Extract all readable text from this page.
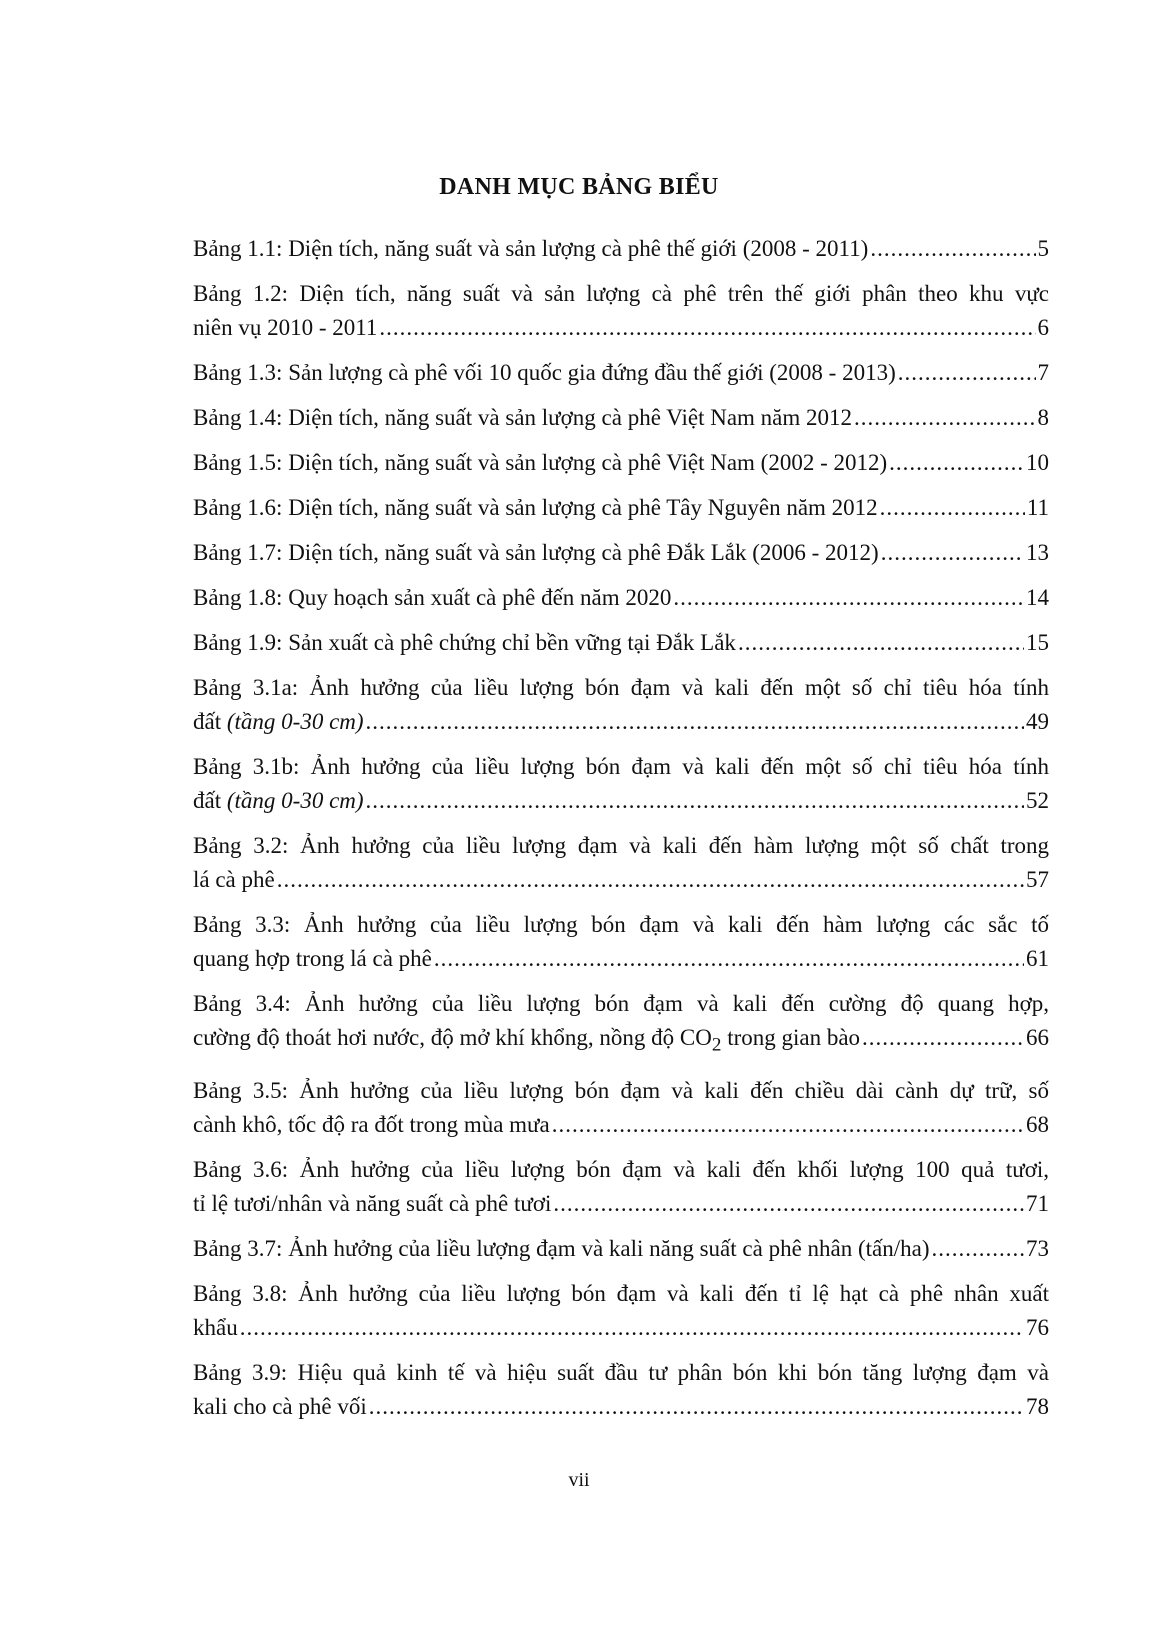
DANH MỤC BẢNG BIỂU
Bảng 1.1: Diện tích, năng suất và sản lượng cà phê thế giới (2008 - 2011) .....	5
Bảng 1.2: Diện tích, năng suất và sản lượng cà phê trên thế giới phân theo khu vực
niên vụ 2010 - 2011 .....	6
Bảng 1.3: Sản lượng cà phê vối 10 quốc gia đứng đầu thế giới (2008 - 2013) .....	7
Bảng 1.4: Diện tích, năng suất và sản lượng cà phê Việt Nam năm 2012 .....	8
Bảng 1.5: Diện tích, năng suất và sản lượng cà phê Việt Nam (2002 - 2012) .....	10
Bảng 1.6: Diện tích, năng suất và sản lượng cà phê Tây Nguyên năm 2012 .....	11
Bảng 1.7: Diện tích, năng suất và sản lượng cà phê Đắk Lắk (2006 - 2012) .....	13
Bảng 1.8: Quy hoạch sản xuất cà phê đến năm 2020 .....	14
Bảng 1.9: Sản xuất cà phê chứng chỉ bền vững tại Đắk Lắk .....	15
Bảng 3.1a: Ảnh hưởng của liều lượng bón đạm và kali đến một số chỉ tiêu hóa tính
đất (tầng 0-30 cm) .....	49
Bảng 3.1b: Ảnh hưởng của liều lượng bón đạm và kali đến một số chỉ tiêu hóa tính
đất (tầng 0-30 cm) .....	52
Bảng 3.2: Ảnh hưởng của liều lượng đạm và kali đến hàm lượng một số chất trong
lá cà phê .....	57
Bảng 3.3: Ảnh hưởng của liều lượng bón đạm và kali đến hàm lượng các sắc tố
quang hợp trong lá cà phê .....	61
Bảng 3.4: Ảnh hưởng của liều lượng bón đạm và kali đến cường độ quang hợp,
cường độ thoát hơi nước, độ mở khí khổng, nồng độ $CO_2$ trong gian bào .....	66
Bảng 3.5: Ảnh hưởng của liều lượng bón đạm và kali đến chiều dài cành dự trữ, số
cành khô, tốc độ ra đốt trong mùa mưa .....	68
Bảng 3.6: Ảnh hưởng của liều lượng bón đạm và kali đến khối lượng 100 quả tươi,
tỉ lệ tươi/nhân và năng suất cà phê tươi .....	71
Bảng 3.7: Ảnh hưởng của liều lượng đạm và kali năng suất cà phê nhân (tấn/ha) .....	73
Bảng 3.8: Ảnh hưởng của liều lượng bón đạm và kali đến tỉ lệ hạt cà phê nhân xuất
khẩu .....	76
Bảng 3.9: Hiệu quả kinh tế và hiệu suất đầu tư phân bón khi bón tăng lượng đạm và
kali cho cà phê vối .....	78
vii
